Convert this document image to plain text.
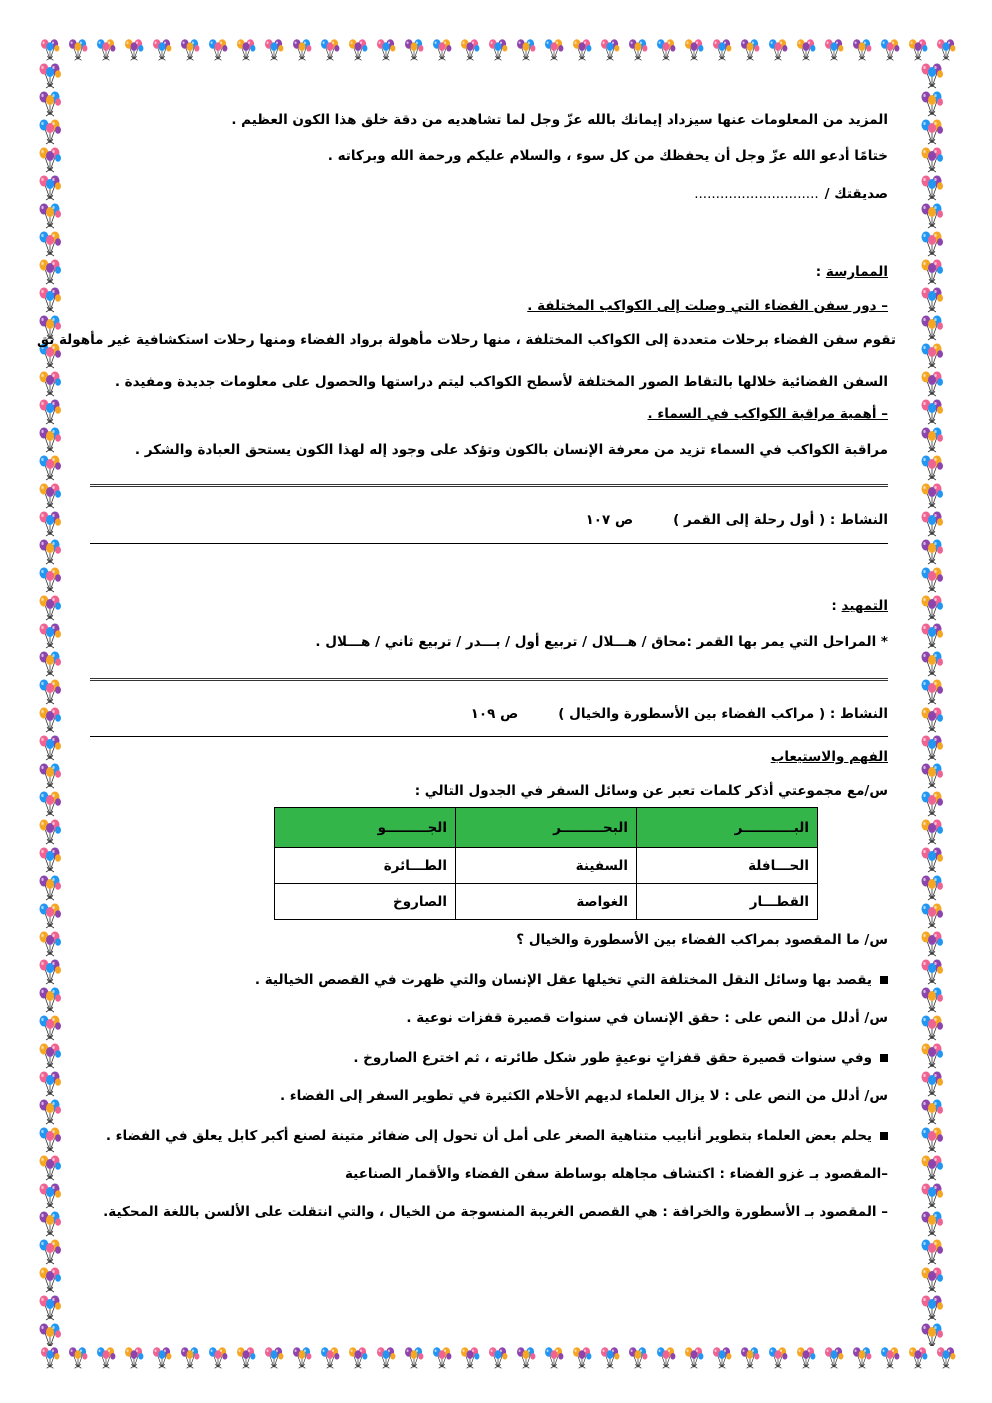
المزيد من المعلومات عنها سيزداد إيمانك بالله عزّ وجل لما تشاهديه من دقة خلق هذا الكون العظيم .
ختامًا أدعو الله عزّ وجل أن يحفظك من كل سوء ، والسلام عليكم ورحمة الله وبركاته .
صديقتك /
.............................
الممارسة :
– دور سفن الفضاء التي وصلت إلى الكواكب المختلفة .
تقوم سفن الفضاء برحلات متعددة إلى الكواكب المختلفة ، منها رحلات مأهولة برواد الفضاء ومنها رحلات استكشافية غير مأهولة تق
السفن الفضائية خلالها بالتقاط الصور المختلفة لأسطح الكواكب ليتم دراستها والحصول على معلومات جديدة ومفيدة .
– أهمية مراقبة الكواكب في السماء .
مراقبة الكواكب في السماء تزيد من معرفة الإنسان بالكون وتؤكد على وجود إله لهذا الكون يستحق العبادة والشكر .
النشاط : ( أول رحلة إلى القمر )
ص ١٠٧
التمهيد :
* المراحل التي يمر بها القمر :محاق / هـــلال / تربيع أول / بـــدر / تربيع ثاني / هـــلال .
النشاط : ( مراكب الفضاء بين الأسطورة والخيال )
ص ١٠٩
الفهم والاستيعاب
س/مع مجموعتي أذكر كلمات تعبر عن وسائل السفر في الجدول التالي :
البـــــــــــر	البحـــــــــر	الجـــــــــو
الحـــافلة	السفينة	الطـــائرة
القطـــار	الغواصة	الصاروخ
س/ ما المقصود بمراكب الفضاء بين الأسطورة والخيال ؟
يقصد بها وسائل النقل المختلفة التي تخيلها عقل الإنسان والتي ظهرت في القصص الخيالية .
س/ أدلل من النص على : حقق الإنسان في سنوات قصيرة قفزات نوعية .
وفي سنوات قصيرة حقق قفزاتٍ نوعيةٍ طور شكل طائرته ، ثم اخترع الصاروخ .
س/ أدلل من النص على : لا يزال العلماء لديهم الأحلام الكثيرة في تطوير السفر إلى الفضاء .
يحلم بعض العلماء بتطوير أنابيب متناهية الصغر على أمل أن تحول إلى ضفائر متينة لصنع أكبر كابل يعلق في الفضاء .
–المقصود بـ غزو الفضاء : اكتشاف مجاهله بوساطة سفن الفضاء والأقمار الصناعية
– المقصود بـ الأسطورة والخرافة : هي القصص الغريبة المنسوجة من الخيال ، والتي انتقلت على الألسن باللغة المحكية.
